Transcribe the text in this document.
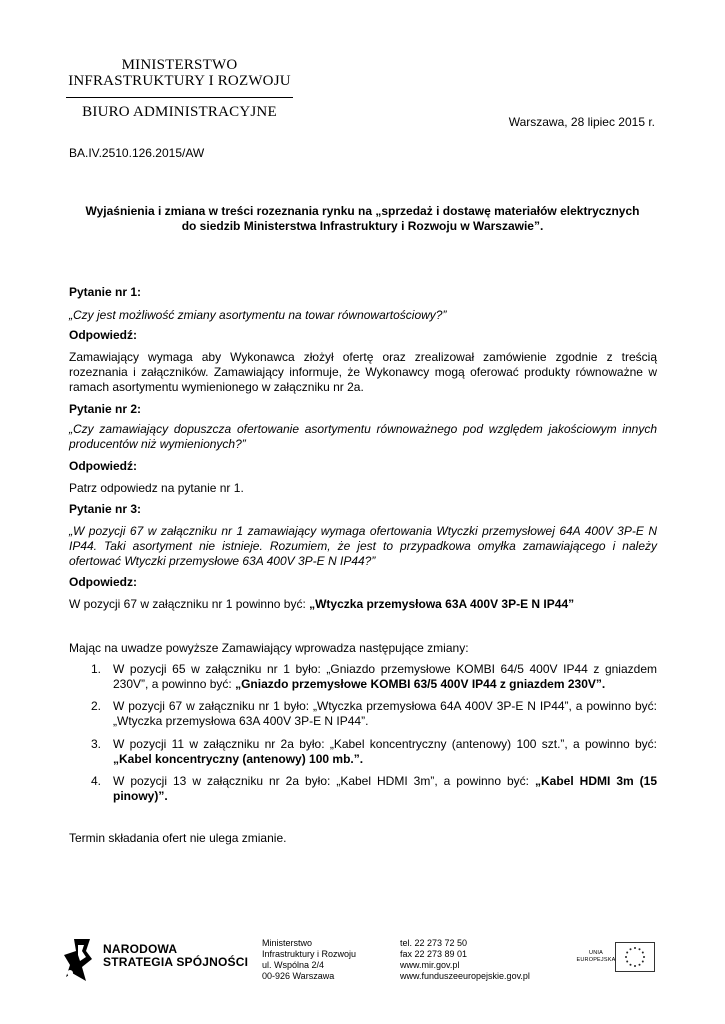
MINISTERSTWO
INFRASTRUKTURY I ROZWOJU
BIURO ADMINISTRACYJNE
Warszawa, 28 lipiec 2015 r.
BA.IV.2510.126.2015/AW
Wyjaśnienia i zmiana w treści rozeznania rynku na „sprzedaż i dostawę materiałów elektrycznych
do siedzib Ministerstwa Infrastruktury i Rozwoju w Warszawie”.
Pytanie nr 1:
„Czy jest możliwość zmiany asortymentu na towar równowartościowy?”
Odpowiedź:
Zamawiający wymaga aby Wykonawca złożył ofertę oraz zrealizował zamówienie zgodnie z treścią
rozeznania i załączników. Zamawiający informuje, że Wykonawcy mogą oferować produkty równoważne w
ramach asortymentu wymienionego w załączniku nr 2a.
Pytanie nr 2:
„Czy zamawiający dopuszcza ofertowanie asortymentu równoważnego pod względem jakościowym innych
producentów niż wymienionych?”
Odpowiedź:
Patrz odpowiedz na pytanie nr 1.
Pytanie nr 3:
„W pozycji 67 w załączniku nr 1 zamawiający wymaga ofertowania Wtyczki przemysłowej 64A 400V 3P-E N
IP44. Taki asortyment nie istnieje. Rozumiem, że jest to przypadkowa omyłka zamawiającego i należy
ofertować Wtyczki przemysłowe 63A 400V 3P-E N IP44?”
Odpowiedz:
W pozycji 67 w załączniku nr 1 powinno być: „Wtyczka przemysłowa 63A 400V 3P-E N IP44”
Mając na uwadze powyższe Zamawiający wprowadza następujące zmiany:
1. W pozycji 65 w załączniku nr 1 było: „Gniazdo przemysłowe KOMBI 64/5 400V IP44 z gniazdem
230V”, a powinno być: „Gniazdo przemysłowe KOMBI 63/5 400V IP44 z gniazdem 230V”.
2. W pozycji 67 w załączniku nr 1 było: „Wtyczka przemysłowa 64A 400V 3P-E N IP44”, a powinno być:
„Wtyczka przemysłowa 63A 400V 3P-E N IP44”.
3. W pozycji 11 w załączniku nr 2a było: „Kabel koncentryczny (antenowy) 100 szt.”, a powinno być:
„Kabel koncentryczny (antenowy) 100 mb.”.
4. W pozycji 13 w załączniku nr 2a było: „Kabel HDMI 3m”, a powinno być: „Kabel HDMI 3m (15
pinowy)”.
Termin składania ofert nie ulega zmianie.
NARODOWA
STRATEGIA SPÓJNOŚCI
Ministerstwo
Infrastruktury i Rozwoju
ul. Wspólna 2/4
00-926 Warszawa
tel. 22 273 72 50
fax 22 273 89 01
www.mir.gov.pl
www.funduszeeuropejskie.gov.pl
UNIA
EUROPEJSKA
